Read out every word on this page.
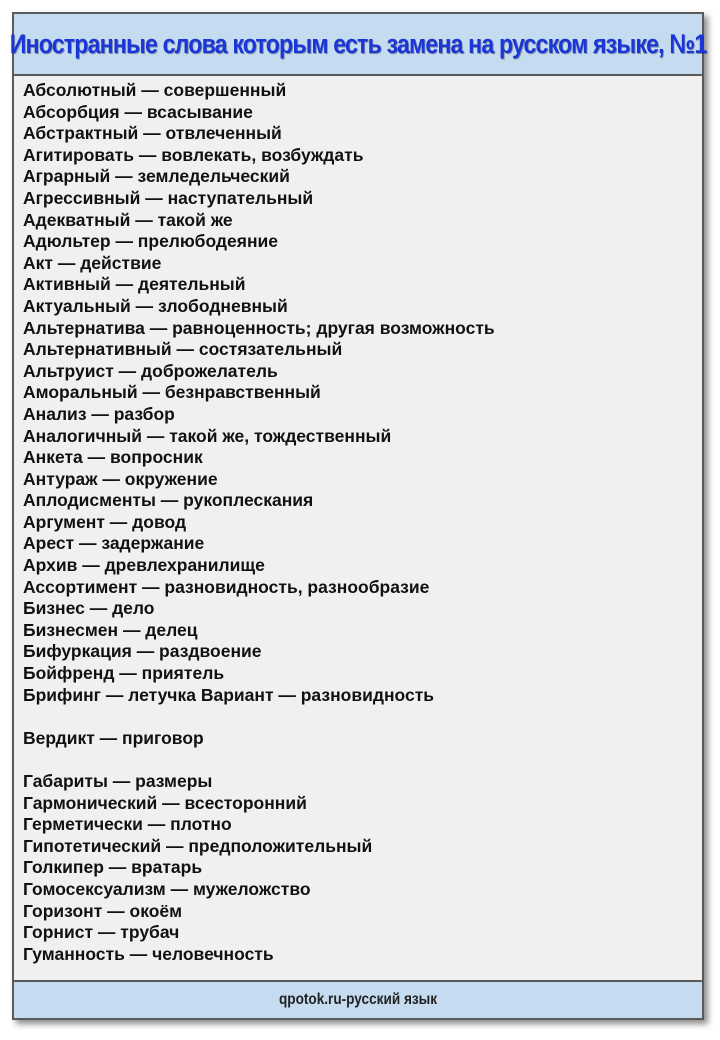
Иностранные слова которым есть замена на русском языке, №1
Абсолютный — совершенный
Абсорбция — всасывание
Абстрактный — отвлеченный
Агитировать — вовлекать, возбуждать
Аграрный — земледельческий
Агрессивный — наступательный
Адекватный — такой же
Адюльтер — прелюбодеяние
Акт — действие
Активный — деятельный
Актуальный — злободневный
Альтернатива — равноценность; другая возможность
Альтернативный — состязательный
Альтруист — доброжелатель
Аморальный — безнравственный
Анализ — разбор
Аналогичный — такой же, тождественный
Анкета — вопросник
Антураж — окружение
Аплодисменты — рукоплескания
Аргумент — довод
Арест — задержание
Архив — древлехранилище
Ассортимент — разновидность, разнообразие
Бизнес — дело
Бизнесмен — делец
Бифуркация — раздвоение
Бойфренд — приятель
Брифинг — летучка Вариант — разновидность
Вердикт — приговор
Габариты — размеры
Гармонический — всесторонний
Герметически — плотно
Гипотетический — предположительный
Голкипер — вратарь
Гомосексуализм — мужеложство
Горизонт — окоём
Горнист — трубач
Гуманность — человечность
qpotok.ru-русский язык
